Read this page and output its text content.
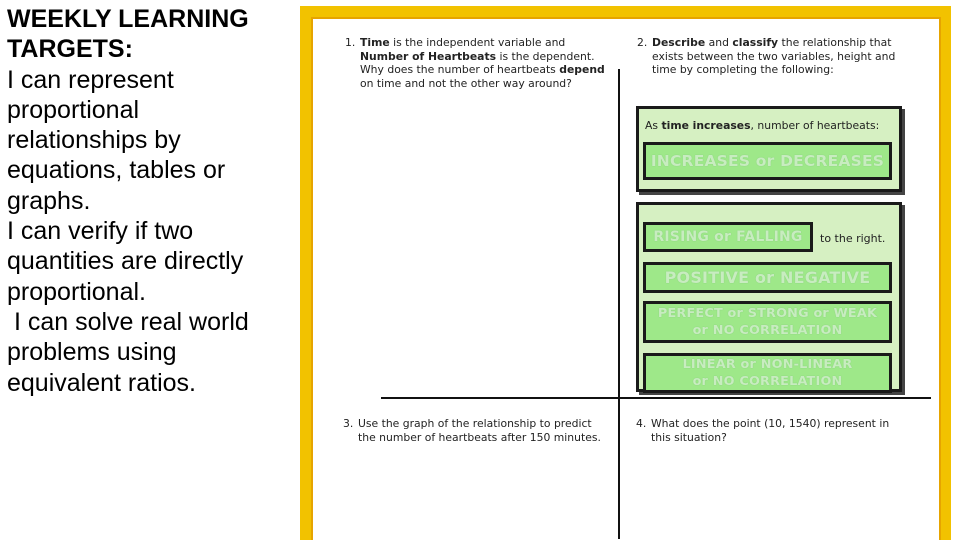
WEEKLY LEARNING
TARGETS:
I can represent
proportional
relationships by
equations, tables or
graphs.
I can verify if two
quantities are directly
proportional.
I can solve real world
problems using
equivalent ratios.
1. Time is the independent variable and Number of Heartbeats is the dependent. Why does the number of heartbeats depend on time and not the other way around?
2. Describe and classify the relationship that exists between the two variables, height and time by completing the following:
As time increases, number of heartbeats:
INCREASES or DECREASES
RISING or FALLING to the right.
POSITIVE or NEGATIVE
PERFECT or STRONG or WEAK
or NO CORRELATION
LINEAR or NON-LINEAR
or NO CORRELATION
3. Use the graph of the relationship to predict the number of heartbeats after 150 minutes.
4. What does the point (10, 1540) represent in this situation?
